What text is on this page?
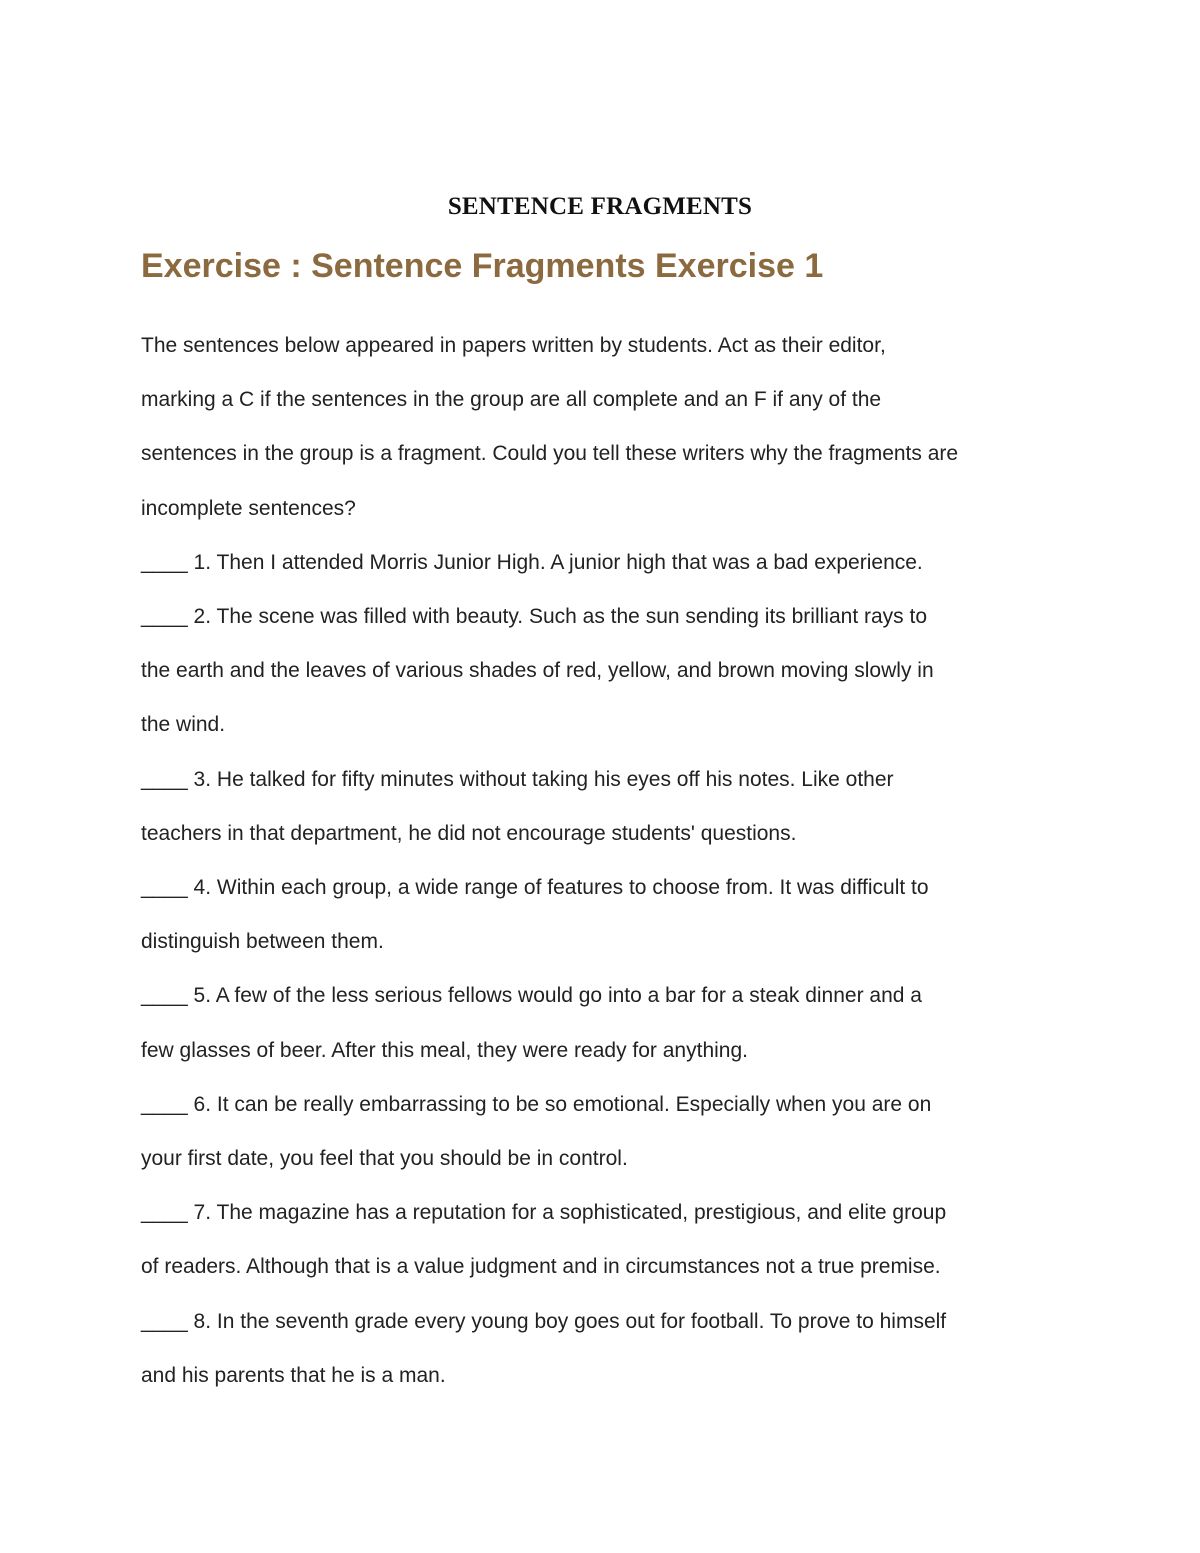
SENTENCE FRAGMENTS
Exercise : Sentence Fragments Exercise 1

The sentences below appeared in papers written by students. Act as their editor,
marking a C if the sentences in the group are all complete and an F if any of the
sentences in the group is a fragment. Could you tell these writers why the fragments are
incomplete sentences?

____ 1. Then I attended Morris Junior High. A junior high that was a bad experience.

____ 2. The scene was filled with beauty. Such as the sun sending its brilliant rays to
the earth and the leaves of various shades of red, yellow, and brown moving slowly in
the wind.

____ 3. He talked for fifty minutes without taking his eyes off his notes. Like other
teachers in that department, he did not encourage students' questions.

____ 4. Within each group, a wide range of features to choose from. It was difficult to
distinguish between them.

____ 5. A few of the less serious fellows would go into a bar for a steak dinner and a
few glasses of beer. After this meal, they were ready for anything.

____ 6. It can be really embarrassing to be so emotional. Especially when you are on
your first date, you feel that you should be in control.

____ 7. The magazine has a reputation for a sophisticated, prestigious, and elite group
of readers. Although that is a value judgment and in circumstances not a true premise.

____ 8. In the seventh grade every young boy goes out for football. To prove to himself
and his parents that he is a man.
